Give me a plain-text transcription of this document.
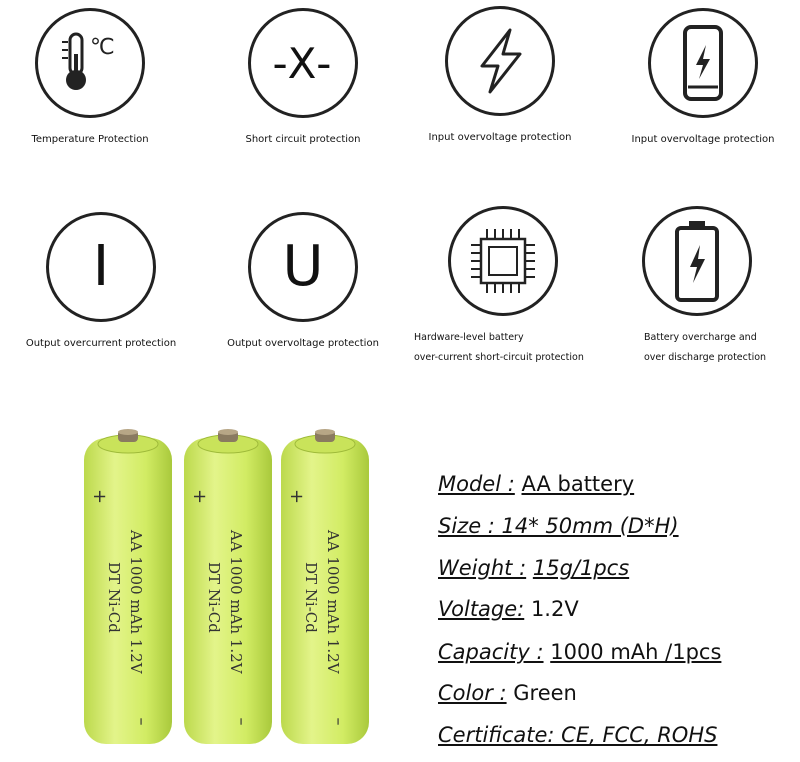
℃
Temperature Protection
-X-
Short circuit protection	Input overvoltage protection	Input overvoltage protection
I
Output overcurrent protection
U
Output overvoltage protection
Hardware-level battery
over-current short-circuit protection
Battery overcharge and
over discharge protection
+
AA 1000 mAh 1.2V
DT Ni-Cd
–
+
AA 1000 mAh 1.2V
DT Ni-Cd
–
+
AA 1000 mAh 1.2V
DT Ni-Cd
–
Model : AA battery
Size : 14* 50mm (D*H)
Weight : 15g/1pcs
Voltage: 1.2V
Capacity : 1000 mAh /1pcs
Color : Green
Certificate: CE, FCC, ROHS
